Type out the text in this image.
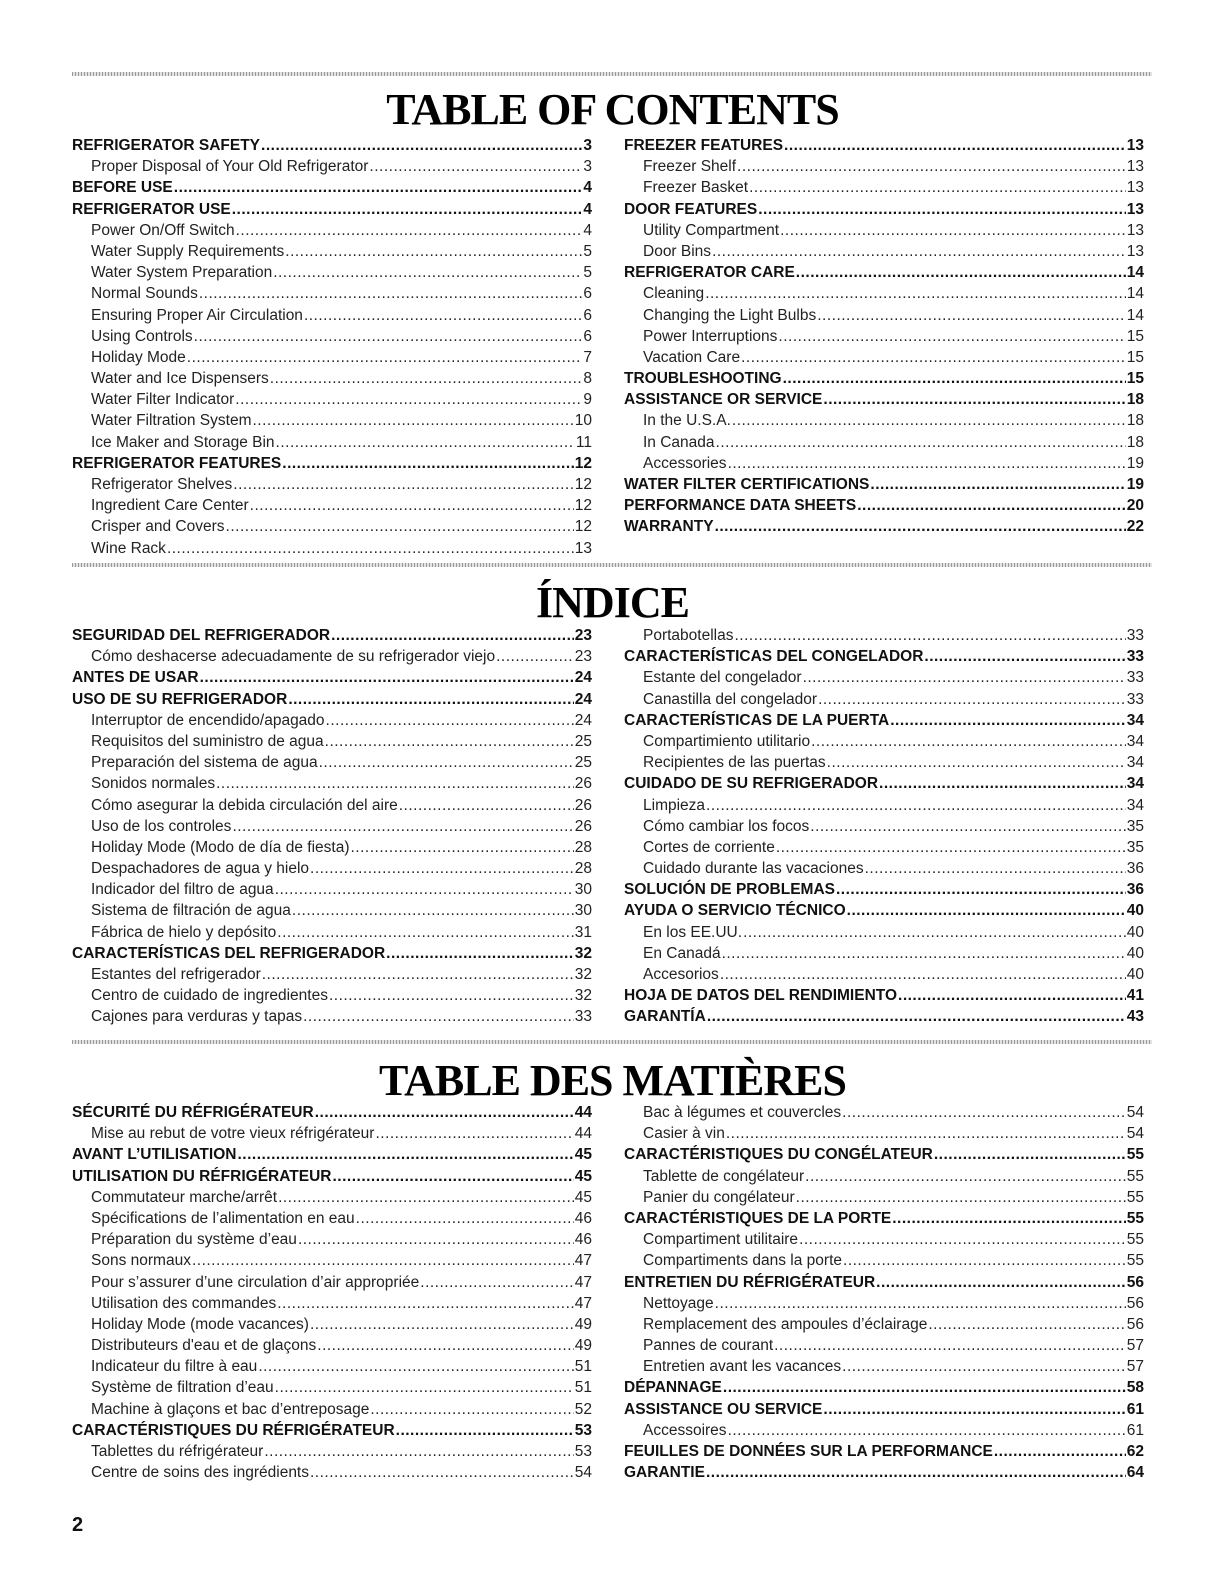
TABLE OF CONTENTS
REFRIGERATOR SAFETY .....	3
Proper Disposal of Your Old Refrigerator .....	3
BEFORE USE .....	4
REFRIGERATOR USE .....	4
Power On/Off Switch .....	4
Water Supply Requirements .....	5
Water System Preparation .....	5
Normal Sounds .....	6
Ensuring Proper Air Circulation .....	6
Using Controls .....	6
Holiday Mode .....	7
Water and Ice Dispensers .....	8
Water Filter Indicator .....	9
Water Filtration System .....	10
Ice Maker and Storage Bin .....	11
REFRIGERATOR FEATURES .....	12
Refrigerator Shelves .....	12
Ingredient Care Center .....	12
Crisper and Covers .....	12
Wine Rack .....	13
FREEZER FEATURES .....	13
Freezer Shelf .....	13
Freezer Basket .....	13
DOOR FEATURES .....	13
Utility Compartment .....	13
Door Bins .....	13
REFRIGERATOR CARE .....	14
Cleaning .....	14
Changing the Light Bulbs .....	14
Power Interruptions .....	15
Vacation Care .....	15
TROUBLESHOOTING .....	15
ASSISTANCE OR SERVICE .....	18
In the U.S.A. .....	18
In Canada .....	18
Accessories .....	19
WATER FILTER CERTIFICATIONS .....	19
PERFORMANCE DATA SHEETS .....	20
WARRANTY .....	22
ÍNDICE
SEGURIDAD DEL REFRIGERADOR .....	23
Cómo deshacerse adecuadamente de su refrigerador viejo .....	23
ANTES DE USAR .....	24
USO DE SU REFRIGERADOR .....	24
Interruptor de encendido/apagado .....	24
Requisitos del suministro de agua .....	25
Preparación del sistema de agua .....	25
Sonidos normales .....	26
Cómo asegurar la debida circulación del aire .....	26
Uso de los controles .....	26
Holiday Mode (Modo de día de fiesta) .....	28
Despachadores de agua y hielo .....	28
Indicador del filtro de agua .....	30
Sistema de filtración de agua .....	30
Fábrica de hielo y depósito .....	31
CARACTERÍSTICAS DEL REFRIGERADOR .....	32
Estantes del refrigerador .....	32
Centro de cuidado de ingredientes .....	32
Cajones para verduras y tapas .....	33
Portabotellas .....	33
CARACTERÍSTICAS DEL CONGELADOR .....	33
Estante del congelador .....	33
Canastilla del congelador .....	33
CARACTERÍSTICAS DE LA PUERTA .....	34
Compartimiento utilitario .....	34
Recipientes de las puertas .....	34
CUIDADO DE SU REFRIGERADOR .....	34
Limpieza .....	34
Cómo cambiar los focos .....	35
Cortes de corriente .....	35
Cuidado durante las vacaciones .....	36
SOLUCIÓN DE PROBLEMAS .....	36
AYUDA O SERVICIO TÉCNICO .....	40
En los EE.UU. .....	40
En Canadá .....	40
Accesorios .....	40
HOJA DE DATOS DEL RENDIMIENTO .....	41
GARANTÍA .....	43
TABLE DES MATIÈRES
SÉCURITÉ DU RÉFRIGÉRATEUR .....	44
Mise au rebut de votre vieux réfrigérateur .....	44
AVANT L’UTILISATION .....	45
UTILISATION DU RÉFRIGÉRATEUR .....	45
Commutateur marche/arrêt .....	45
Spécifications de l’alimentation en eau .....	46
Préparation du système d’eau .....	46
Sons normaux .....	47
Pour s’assurer d’une circulation d’air appropriée .....	47
Utilisation des commandes .....	47
Holiday Mode (mode vacances) .....	49
Distributeurs d'eau et de glaçons .....	49
Indicateur du filtre à eau .....	51
Système de filtration d’eau .....	51
Machine à glaçons et bac d’entreposage .....	52
CARACTÉRISTIQUES DU RÉFRIGÉRATEUR .....	53
Tablettes du réfrigérateur .....	53
Centre de soins des ingrédients .....	54
Bac à légumes et couvercles .....	54
Casier à vin .....	54
CARACTÉRISTIQUES DU CONGÉLATEUR .....	55
Tablette de congélateur .....	55
Panier du congélateur .....	55
CARACTÉRISTIQUES DE LA PORTE .....	55
Compartiment utilitaire .....	55
Compartiments dans la porte .....	55
ENTRETIEN DU RÉFRIGÉRATEUR .....	56
Nettoyage .....	56
Remplacement des ampoules d’éclairage .....	56
Pannes de courant .....	57
Entretien avant les vacances .....	57
DÉPANNAGE .....	58
ASSISTANCE OU SERVICE .....	61
Accessoires .....	61
FEUILLES DE DONNÉES SUR LA PERFORMANCE .....	62
GARANTIE .....	64
2
